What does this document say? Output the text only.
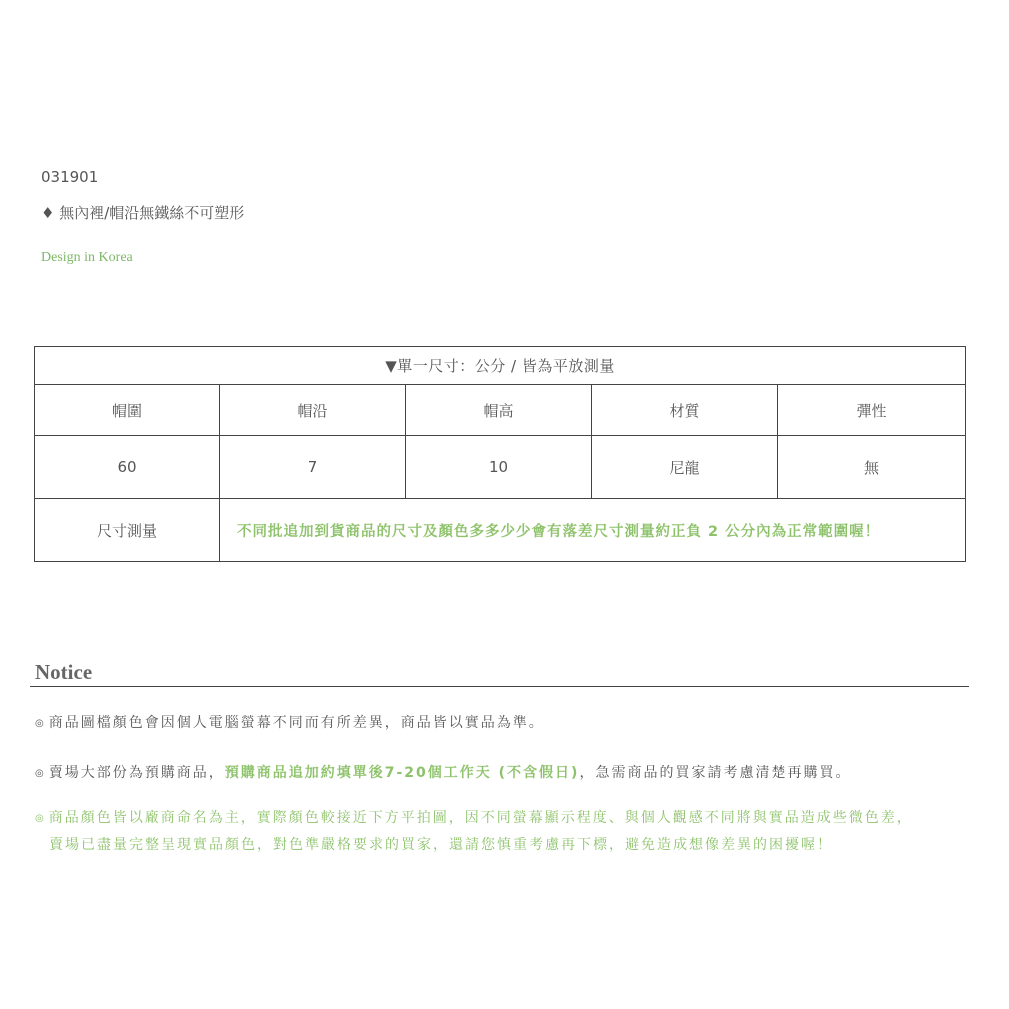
031901
♦ 無內裡/帽沿無鐵絲不可塑形
Design in Korea
▼單一尺寸：公分 / 皆為平放測量				
帽圍	帽沿	帽高	材質	彈性
60	7	10	尼龍	無
尺寸測量	不同批追加到貨商品的尺寸及顏色多多少少會有落差尺寸測量約正負 2 公分內為正常範圍喔！			
Notice
◎ 商品圖檔顏色會因個人電腦螢幕不同而有所差異，商品皆以實品為準。
◎ 賣場大部份為預購商品，預購商品追加約填單後7-20個工作天 (不含假日)，急需商品的買家請考慮清楚再購買。
◎ 商品顏色皆以廠商命名為主，實際顏色較接近下方平拍圖，因不同螢幕顯示程度、與個人觀感不同將與實品造成些微色差，
賣場已盡量完整呈現實品顏色，對色準嚴格要求的買家，還請您慎重考慮再下標，避免造成想像差異的困擾喔！
